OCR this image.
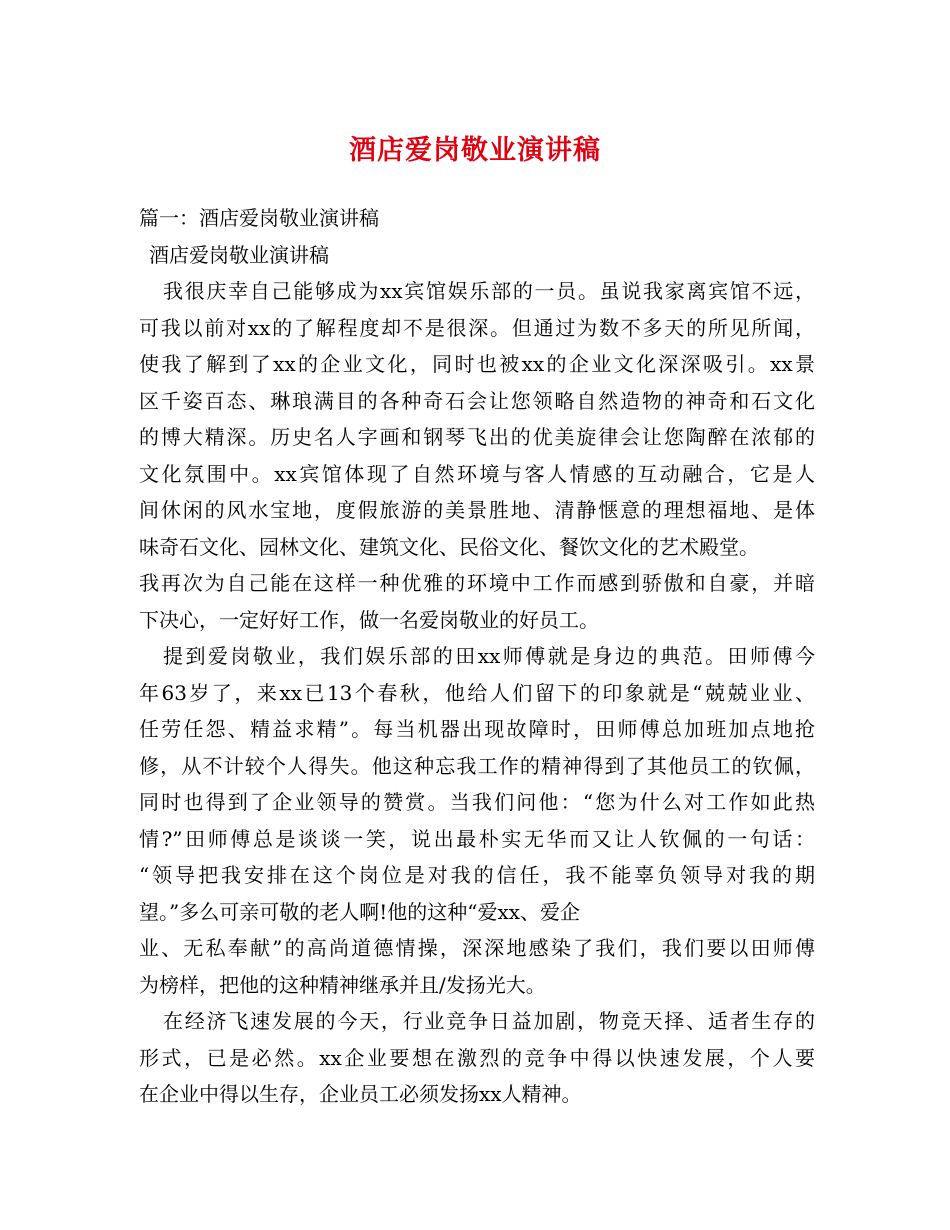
酒店爱岗敬业演讲稿
篇一：酒店爱岗敬业演讲稿
酒店爱岗敬业演讲稿
我很庆幸自己能够成为xx宾馆娱乐部的一员。虽说我家离宾馆不远，
可我以前对xx的了解程度却不是很深。但通过为数不多天的所见所闻，
使我了解到了xx的企业文化，同时也被xx的企业文化深深吸引。xx景
区千姿百态、琳琅满目的各种奇石会让您领略自然造物的神奇和石文化
的博大精深。历史名人字画和钢琴飞出的优美旋律会让您陶醉在浓郁的
文化氛围中。xx宾馆体现了自然环境与客人情感的互动融合，它是人
间休闲的风水宝地，度假旅游的美景胜地、清静惬意的理想福地、是体
味奇石文化、园林文化、建筑文化、民俗文化、餐饮文化的艺术殿堂。
我再次为自己能在这样一种优雅的环境中工作而感到骄傲和自豪，并暗
下决心，一定好好工作，做一名爱岗敬业的好员工。
提到爱岗敬业，我们娱乐部的田xx师傅就是身边的典范。田师傅今
年63岁了，来xx已13个春秋，他给人们留下的印象就是“兢兢业业、
任劳任怨、精益求精”。每当机器出现故障时，田师傅总加班加点地抢
修，从不计较个人得失。他这种忘我工作的精神得到了其他员工的钦佩，
同时也得到了企业领导的赞赏。当我们问他：“您为什么对工作如此热
情?”田师傅总是谈谈一笑，说出最朴实无华而又让人钦佩的一句话：
“领导把我安排在这个岗位是对我的信任，我不能辜负领导对我的期
望。”多么可亲可敬的老人啊!他的这种“爱xx、爱企
业、无私奉献”的高尚道德情操，深深地感染了我们，我们要以田师傅
为榜样，把他的这种精神继承并且/发扬光大。
在经济飞速发展的今天，行业竞争日益加剧，物竞天择、适者生存的
形式，已是必然。xx企业要想在激烈的竞争中得以快速发展，个人要
在企业中得以生存，企业员工必须发扬xx人精神。
